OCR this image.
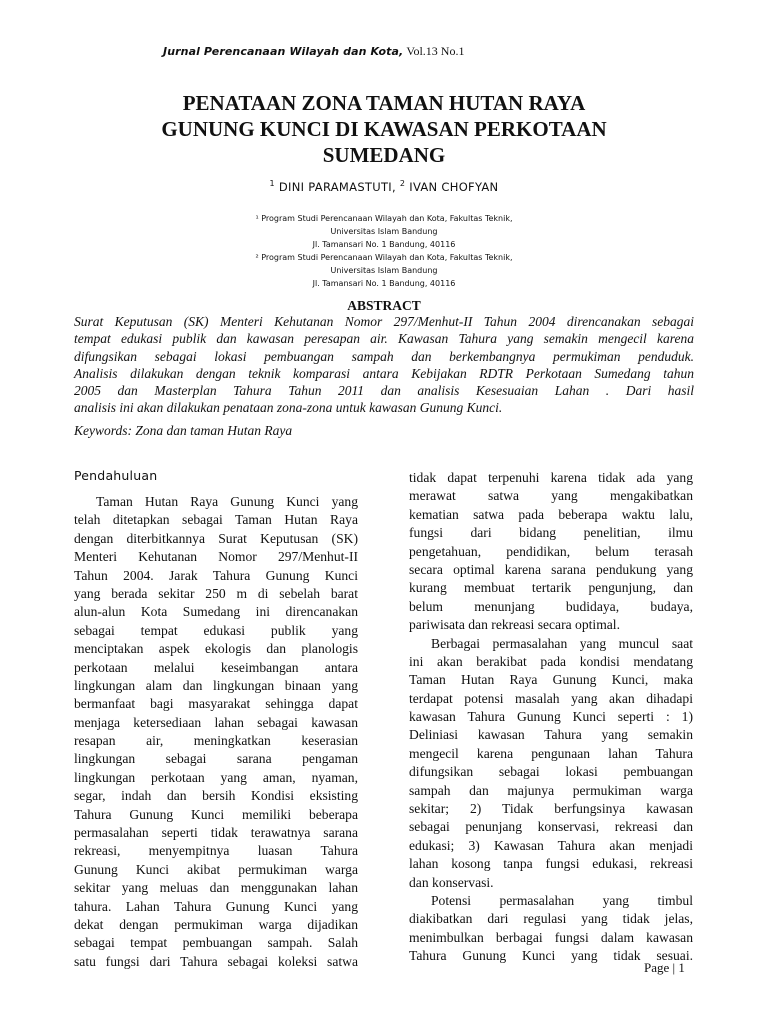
Jurnal Perencanaan Wilayah dan Kota, Vol.13 No.1
PENATAAN ZONA TAMAN HUTAN RAYA
GUNUNG KUNCI DI KAWASAN PERKOTAAN
SUMEDANG
$^1$ DINI PARAMASTUTI, $^2$ IVAN CHOFYAN
¹ Program Studi Perencanaan Wilayah dan Kota, Fakultas Teknik,
Universitas Islam Bandung
Jl. Tamansari No. 1 Bandung, 40116
² Program Studi Perencanaan Wilayah dan Kota, Fakultas Teknik,
Universitas Islam Bandung
Jl. Tamansari No. 1 Bandung, 40116
ABSTRACT
Surat Keputusan (SK) Menteri Kehutanan Nomor 297/Menhut-II Tahun 2004 direncanakan sebagai
tempat edukasi publik dan kawasan peresapan air. Kawasan Tahura yang semakin mengecil karena
difungsikan sebagai lokasi pembuangan sampah dan berkembangnya permukiman penduduk.
Analisis dilakukan dengan teknik komparasi antara Kebijakan RDTR Perkotaan Sumedang tahun
2005 dan Masterplan Tahura Tahun 2011 dan analisis Kesesuaian Lahan . Dari hasil
analisis ini akan dilakukan penataan zona-zona untuk kawasan Gunung Kunci.
Keywords: Zona dan taman Hutan Raya
Pendahuluan
Taman Hutan Raya Gunung Kunci yang
telah ditetapkan sebagai Taman Hutan Raya
dengan diterbitkannya Surat Keputusan (SK)
Menteri Kehutanan Nomor 297/Menhut-II
Tahun 2004. Jarak Tahura Gunung Kunci
yang berada sekitar 250 m di sebelah barat
alun-alun Kota Sumedang ini direncanakan
sebagai tempat edukasi publik yang
menciptakan aspek ekologis dan planologis
perkotaan melalui keseimbangan antara
lingkungan alam dan lingkungan binaan yang
bermanfaat bagi masyarakat sehingga dapat
menjaga ketersediaan lahan sebagai kawasan
resapan air, meningkatkan keserasian
lingkungan sebagai sarana pengaman
lingkungan perkotaan yang aman, nyaman,
segar, indah dan bersih Kondisi eksisting
Tahura Gunung Kunci memiliki beberapa
permasalahan seperti tidak terawatnya sarana
rekreasi, menyempitnya luasan Tahura
Gunung Kunci akibat permukiman warga
sekitar yang meluas dan menggunakan lahan
tahura. Lahan Tahura Gunung Kunci yang
dekat dengan permukiman warga dijadikan
sebagai tempat pembuangan sampah. Salah
satu fungsi dari Tahura sebagai koleksi satwa
tidak dapat terpenuhi karena tidak ada yang
merawat satwa yang mengakibatkan
kematian satwa pada beberapa waktu lalu,
fungsi dari bidang penelitian, ilmu
pengetahuan, pendidikan, belum terasah
secara optimal karena sarana pendukung yang
kurang membuat tertarik pengunjung, dan
belum menunjang budidaya, budaya,
pariwisata dan rekreasi secara optimal.
Berbagai permasalahan yang muncul saat
ini akan berakibat pada kondisi mendatang
Taman Hutan Raya Gunung Kunci, maka
terdapat potensi masalah yang akan dihadapi
kawasan Tahura Gunung Kunci seperti : 1)
Deliniasi kawasan Tahura yang semakin
mengecil karena pengunaan lahan Tahura
difungsikan sebagai lokasi pembuangan
sampah dan majunya permukiman warga
sekitar; 2) Tidak berfungsinya kawasan
sebagai penunjang konservasi, rekreasi dan
edukasi; 3) Kawasan Tahura akan menjadi
lahan kosong tanpa fungsi edukasi, rekreasi
dan konservasi.
Potensi permasalahan yang timbul
diakibatkan dari regulasi yang tidak jelas,
menimbulkan berbagai fungsi dalam kawasan
Tahura Gunung Kunci yang tidak sesuai.
Page | 1
